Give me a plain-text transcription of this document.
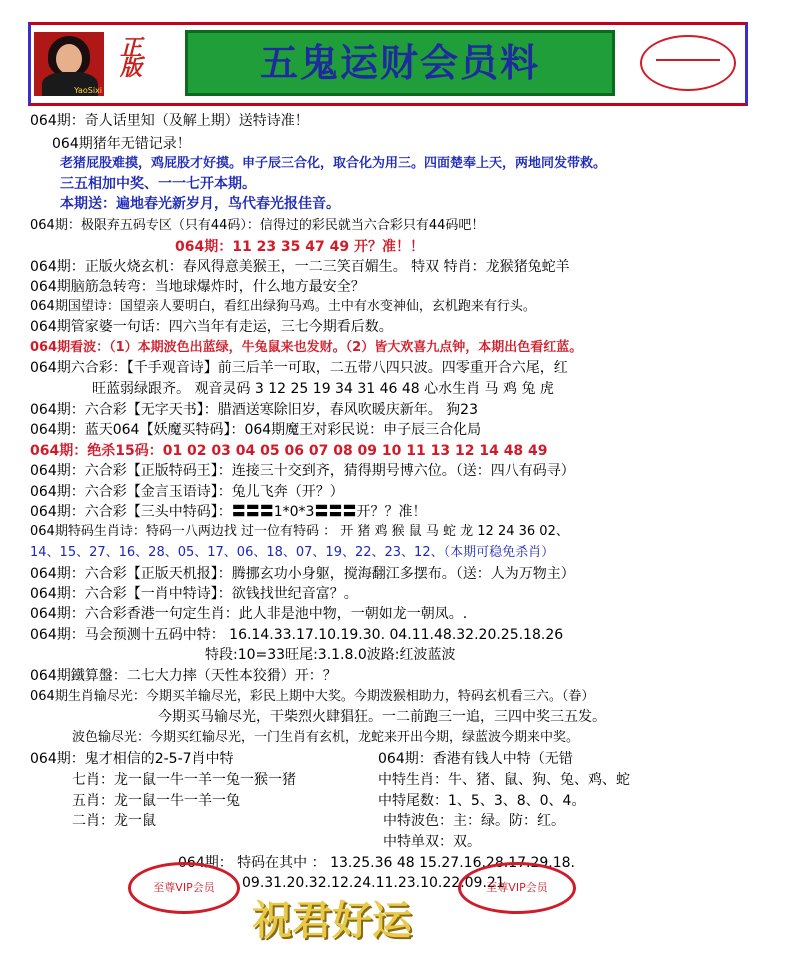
YaoSixi
正版	五鬼运财会员料
064期：奇人话里知（及解上期）送特诗准！
064期猪年无错记录！
老猪屁股难摸，鸡屁股才好摸。申子辰三合化，取合化为用三。四面楚奉上天，两地同发带救。
三五相加中奖、一一七开本期。
本期送：遍地春光新岁月，鸟代春光报佳音。
064期：极限弃五码专区（只有44码）：信得过的彩民就当六合彩只有44码吧！
064期：11 23 35 47 49 开？准！！
064期：正版火烧玄机：春风得意美猴王，一二三笑百媚生。 特双 特肖：龙猴猪兔蛇羊
064期脑筋急转弯：当地球爆炸时，什么地方最安全？
064期国望诗：国望亲人要明白，看红出绿狗马鸡。土中有水变神仙，玄机跑来有行头。
064期管家婆一句话：四六当年有走运，三七今期看后数。
064期看波：（1）本期波色出蓝绿，牛兔鼠来也发财。（2）皆大欢喜九点钟，本期出色看红蓝。
064期六合彩：【千手观音诗】前三后羊一可取，二五带八四只波。四零重开合六尾，红
旺蓝弱绿跟齐。 观音灵码 3 12 25 19 34 31 46 48 心水生肖 马 鸡 兔 虎
064期：六合彩【无字天书】：腊酒送寒除旧岁，春风吹暖庆新年。 狗23
064期：蓝天064【妖魔买特码】：064期魔王对彩民说：申子辰三合化局
064期：绝杀15码：01 02 03 04 05 06 07 08 09 10 11 13 12 14 48 49
064期：六合彩【正版特码王】：连接三十交到齐，猜得期号博六位。（送：四八有码寻）
064期：六合彩【金言玉语诗】：兔儿飞奔（开？）
064期：六合彩【三头中特码】：〓〓〓1*0*3〓〓〓开？？准！
064期特码生肖诗：特码一八两边找 过一位有特码 ： 开 猪 鸡 猴 鼠 马 蛇 龙 12 24 36 02、
14、15、27、16、28、05、17、06、18、07、19、22、23、12、（本期可稳免杀肖）
064期：六合彩【正版天机报】：腾挪玄功小身躯，搅海翻江多摆布。（送：人为万物主）
064期：六合彩【一肖中特诗】：欲钱找世纪音富？。
064期：六合彩香港一句定生肖：此人非是池中物，一朝如龙一朝凤。.
064期：马会预测十五码中特： 16.14.33.17.10.19.30. 04.11.48.32.20.25.18.26
特段:10=33旺尾:3.1.8.0波路:红波蓝波
064期鐵算盤：二七大力摔（天性本狡猾）开：？
064期生肖输尽光：今期买羊输尽光，彩民上期中大奖。今期泼猴相助力，特码玄机看三六。（眷）
今期买马输尽光，干柴烈火肆猖狂。一二前跑三一追，三四中奖三五发。
波色输尽光：今期买红输尽光，一门生肖有玄机，龙蛇来开出今期，绿蓝波今期来中奖。
064期：鬼才相信的2-5-7肖中特	064期：香港有钱人中特（无错
七肖：龙一鼠一牛一羊一兔一猴一猪	中特生肖：牛、猪、鼠、狗、兔、鸡、蛇
五肖：龙一鼠一牛一羊一兔	中特尾数：1、5、3、8、0、4。
二肖：龙一鼠	中特波色：主：绿。防：红。
中特单双：双。
064期： 特码在其中 ： 13.25.36 48 15.27.16.28.17.29.18.
09.31.20.32.12.24.11.23.10.22.09.21
至尊VIP会员	至尊VIP会员
祝君好运
